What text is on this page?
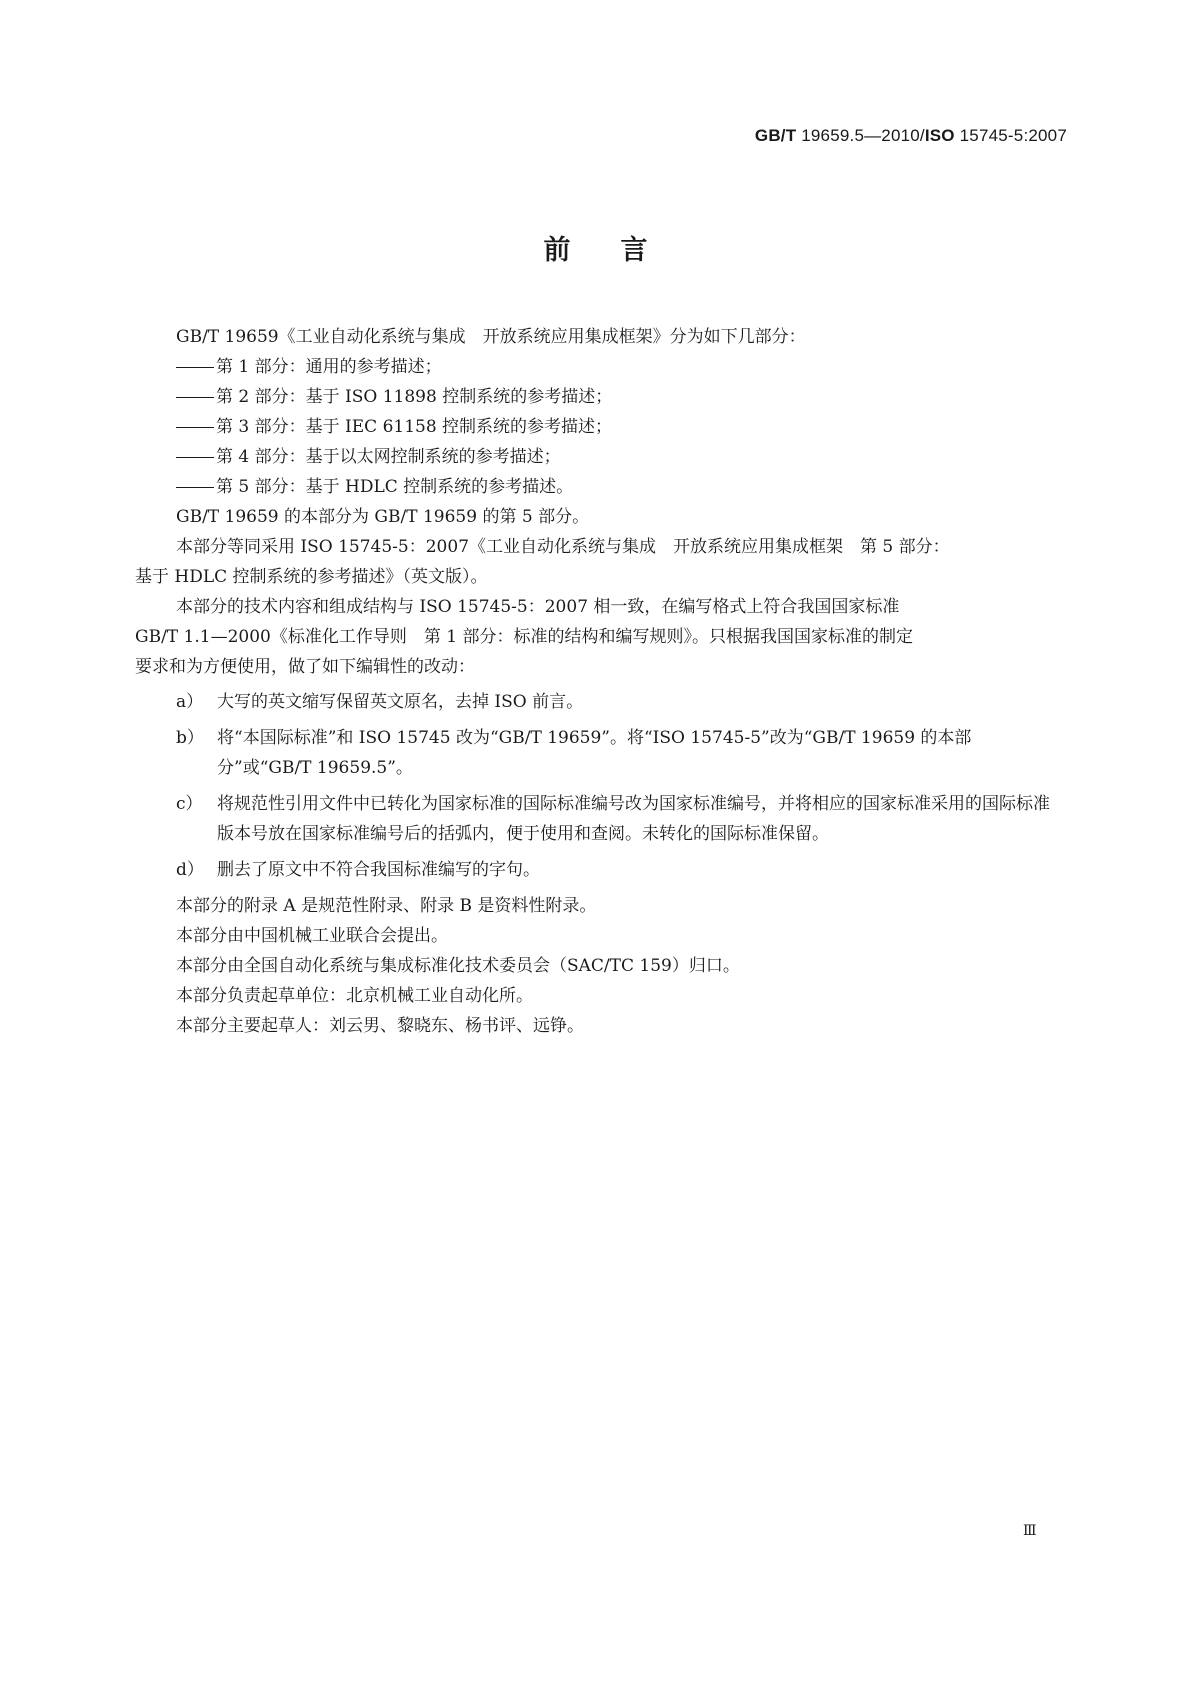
GB/T 19659.5—2010/ISO 15745-5:2007
前言

GB/T 19659《工业自动化系统与集成　开放系统应用集成框架》分为如下几部分：

第 1 部分：通用的参考描述；

第 2 部分：基于 ISO 11898 控制系统的参考描述；

第 3 部分：基于 IEC 61158 控制系统的参考描述；

第 4 部分：基于以太网控制系统的参考描述；

第 5 部分：基于 HDLC 控制系统的参考描述。

GB/T 19659 的本部分为 GB/T 19659 的第 5 部分。

本部分等同采用 ISO 15745-5：2007《工业自动化系统与集成　开放系统应用集成框架　第 5 部分：

基于 HDLC 控制系统的参考描述》（英文版）。

本部分的技术内容和组成结构与 ISO 15745-5：2007 相一致，在编写格式上符合我国国家标准

GB/T 1.1—2000《标准化工作导则　第 1 部分：标准的结构和编写规则》。只根据我国国家标准的制定

要求和为方便使用，做了如下编辑性的改动：

a） 大写的英文缩写保留英文原名，去掉 ISO 前言。
b） 将“本国际标准”和 ISO 15745 改为“GB/T 19659”。将“ISO 15745-5”改为“GB/T 19659 的本部分”或“GB/T 19659.5”。
c） 将规范性引用文件中已转化为国家标准的国际标准编号改为国家标准编号，并将相应的国家标准采用的国际标准版本号放在国家标准编号后的括弧内，便于使用和查阅。未转化的国际标准保留。
d） 删去了原文中不符合我国标准编写的字句。

本部分的附录 A 是规范性附录、附录 B 是资料性附录。

本部分由中国机械工业联合会提出。

本部分由全国自动化系统与集成标准化技术委员会（SAC/TC 159）归口。

本部分负责起草单位：北京机械工业自动化所。

本部分主要起草人：刘云男、黎晓东、杨书评、远铮。

Ⅲ
